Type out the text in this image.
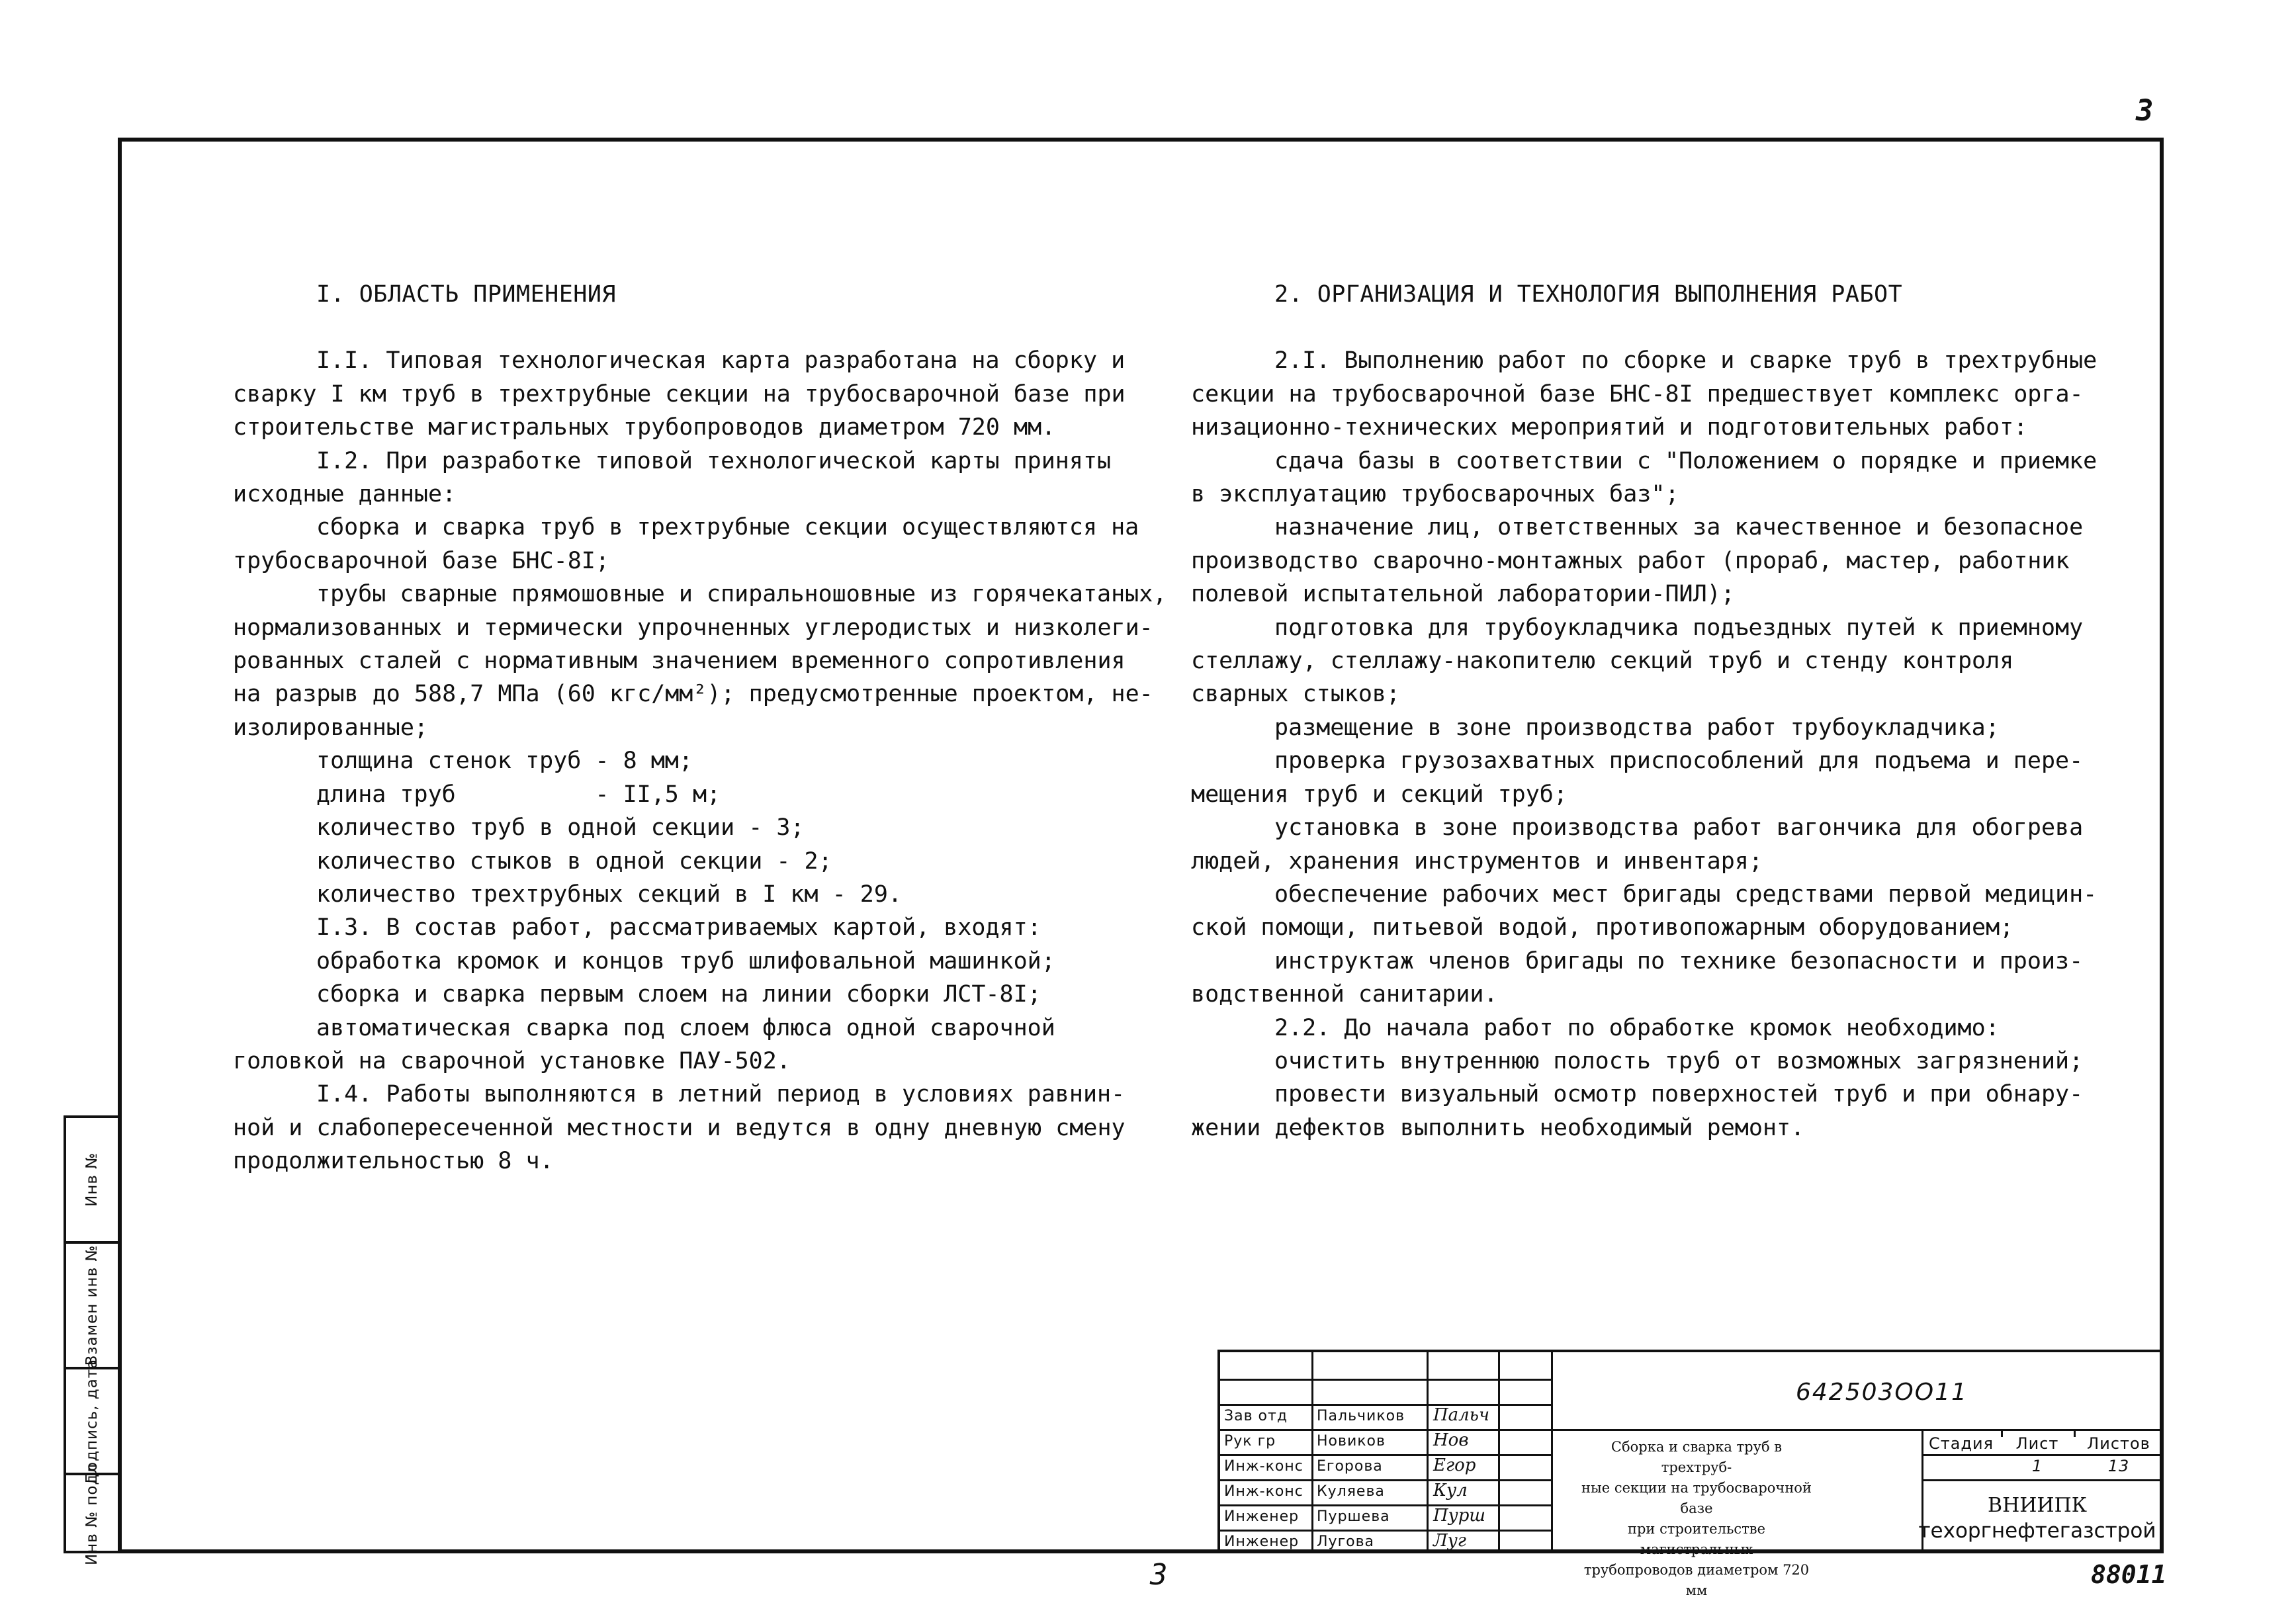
3

I. ОБЛАСТЬ ПРИМЕНЕНИЯ

I.I. Типовая технологическая карта разработана на сборку и

сварку I км труб в трехтрубные секции на трубосварочной базе при

строительстве магистральных трубопроводов диаметром 720 мм.

I.2. При разработке типовой технологической карты приняты

исходные данные:

сборка и сварка труб в трехтрубные секции осуществляются на

трубосварочной базе БНС-8I;

трубы сварные прямошовные и спиральношовные из горячекатаных,

нормализованных и термически упрочненных углеродистых и низколеги-

рованных сталей с нормативным значением временного сопротивления

на разрыв до 588,7 МПа (60 кгс/мм²); предусмотренные проектом, не-

изолированные;

толщина стенок труб - 8 мм;

длина труб          - II,5 м;

количество труб в одной секции - 3;

количество стыков в одной секции - 2;

количество трехтрубных секций в I км - 29.

I.3. В состав работ, рассматриваемых картой, входят:

обработка кромок и концов труб шлифовальной машинкой;

сборка и сварка первым слоем на линии сборки ЛСТ-8I;

автоматическая сварка под слоем флюса одной сварочной

головкой на сварочной установке ПАУ-502.

I.4. Работы выполняются в летний период в условиях равнин-

ной и слабопересеченной местности и ведутся в одну дневную смену

продолжительностью 8 ч.

2. ОРГАНИЗАЦИЯ И ТЕХНОЛОГИЯ ВЫПОЛНЕНИЯ РАБОТ

2.I. Выполнению работ по сборке и сварке труб в трехтрубные

секции на трубосварочной базе БНС-8I предшествует комплекс орга-

низационно-технических мероприятий и подготовительных работ:

сдача базы в соответствии с "Положением о порядке и приемке

в эксплуатацию трубосварочных баз";

назначение лиц, ответственных за качественное и безопасное

производство сварочно-монтажных работ (прораб, мастер, работник

полевой испытательной лаборатории-ПИЛ);

подготовка для трубоукладчика подъездных путей к приемному

стеллажу, стеллажу-накопителю секций труб и стенду контроля

сварных стыков;

размещение в зоне производства работ трубоукладчика;

проверка грузозахватных приспособлений для подъема и пере-

мещения труб и секций труб;

установка в зоне производства работ вагончика для обогрева

людей, хранения инструментов и инвентаря;

обеспечение рабочих мест бригады средствами первой медицин-

ской помощи, питьевой водой, противопожарным оборудованием;

инструктаж членов бригады по технике безопасности и произ-

водственной санитарии.

2.2. До начала работ по обработке кромок необходимо:

очистить внутреннюю полость труб от возможных загрязнений;

провести визуальный осмотр поверхностей труб и при обнару-

жении дефектов выполнить необходимый ремонт.

Инв №
Взамен инв №
Подпись, дата
Инв № подл
642503OO11
Зав отд Пальчиков Пальч
Рук гр	Новиков	Нов
Инж-конс Егорова	Егор
Инж-конс Куляева	Кул
Инженер Пуршева	Пурш
Инженер Лугова	Луг
Сборка и сварка труб в трехтруб-
ные секции на трубосварочной базе
при строительстве магистральных
трубопроводов диаметром 720 мм
Стадия	Лист	Листов
1	13
ВНИИПК
техоргнефтегазстрой
3	88011
